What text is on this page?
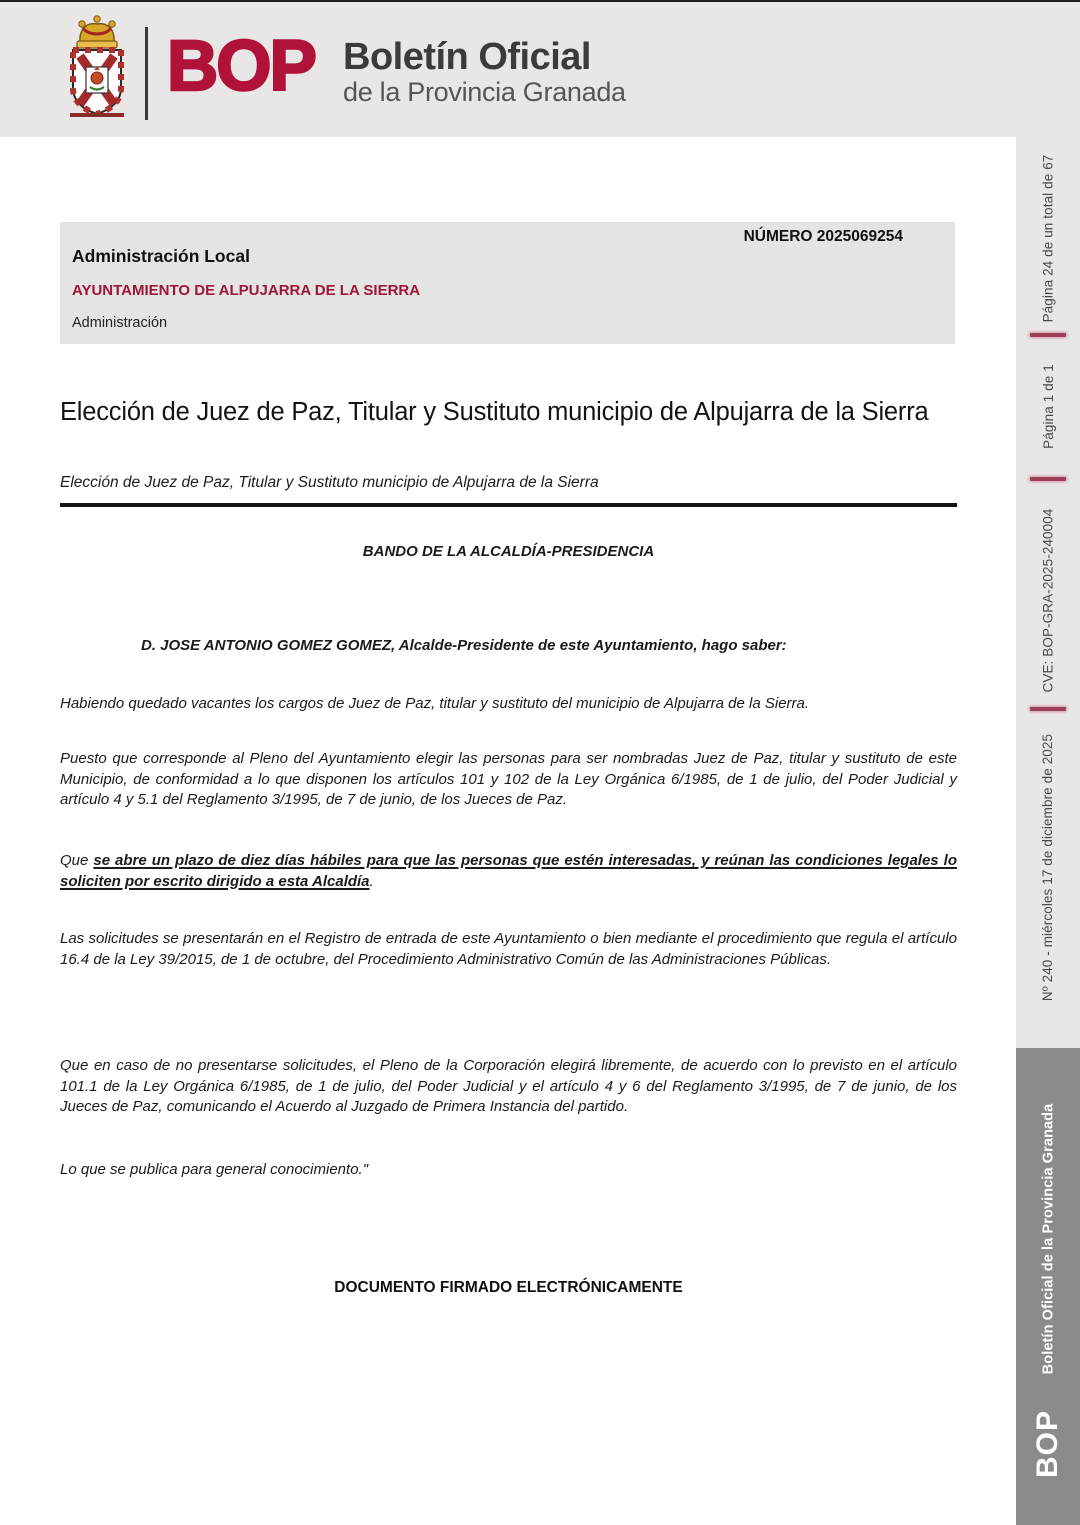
BOP Boletín Oficial
de la Provincia Granada
Página 24 de un total de 67
Página 1 de 1
CVE: BOP-GRA-2025-240004
Nº 240 - miércoles 17 de diciembre de 2025
Boletín Oficial de la Provincia Granada
BOP
NÚMERO 2025069254
Administración Local
AYUNTAMIENTO DE ALPUJARRA DE LA SIERRA
Administración
Elección de Juez de Paz, Titular y Sustituto municipio de Alpujarra de la Sierra
Elección de Juez de Paz, Titular y Sustituto municipio de Alpujarra de la Sierra
BANDO DE LA ALCALDÍA-PRESIDENCIA

D. JOSE ANTONIO GOMEZ GOMEZ, Alcalde-Presidente de este Ayuntamiento, hago saber:

Habiendo quedado vacantes los cargos de Juez de Paz, titular y sustituto del municipio de Alpujarra de la Sierra.

Puesto que corresponde al Pleno del Ayuntamiento elegir las personas para ser nombradas Juez de Paz, titular y sustituto de este Municipio, de conformidad a lo que disponen los artículos 101 y 102 de la Ley Orgánica 6/1985, de 1 de julio, del Poder Judicial y artículo 4 y 5.1 del Reglamento 3/1995, de 7 de junio, de los Jueces de Paz.

Que se abre un plazo de diez días hábiles para que las personas que estén interesadas, y reúnan las condiciones legales lo soliciten por escrito dirigido a esta Alcaldía.

Las solicitudes se presentarán en el Registro de entrada de este Ayuntamiento o bien mediante el procedimiento que regula el artículo 16.4 de la Ley 39/2015, de 1 de octubre, del Procedimiento Administrativo Común de las Administraciones Públicas.

Que en caso de no presentarse solicitudes, el Pleno de la Corporación elegirá libremente, de acuerdo con lo previsto en el artículo 101.1 de la Ley Orgánica 6/1985, de 1 de julio, del Poder Judicial y el artículo 4 y 6 del Reglamento 3/1995, de 7 de junio, de los Jueces de Paz, comunicando el Acuerdo al Juzgado de Primera Instancia del partido.

Lo que se publica para general conocimiento."

DOCUMENTO FIRMADO ELECTRÓNICAMENTE
